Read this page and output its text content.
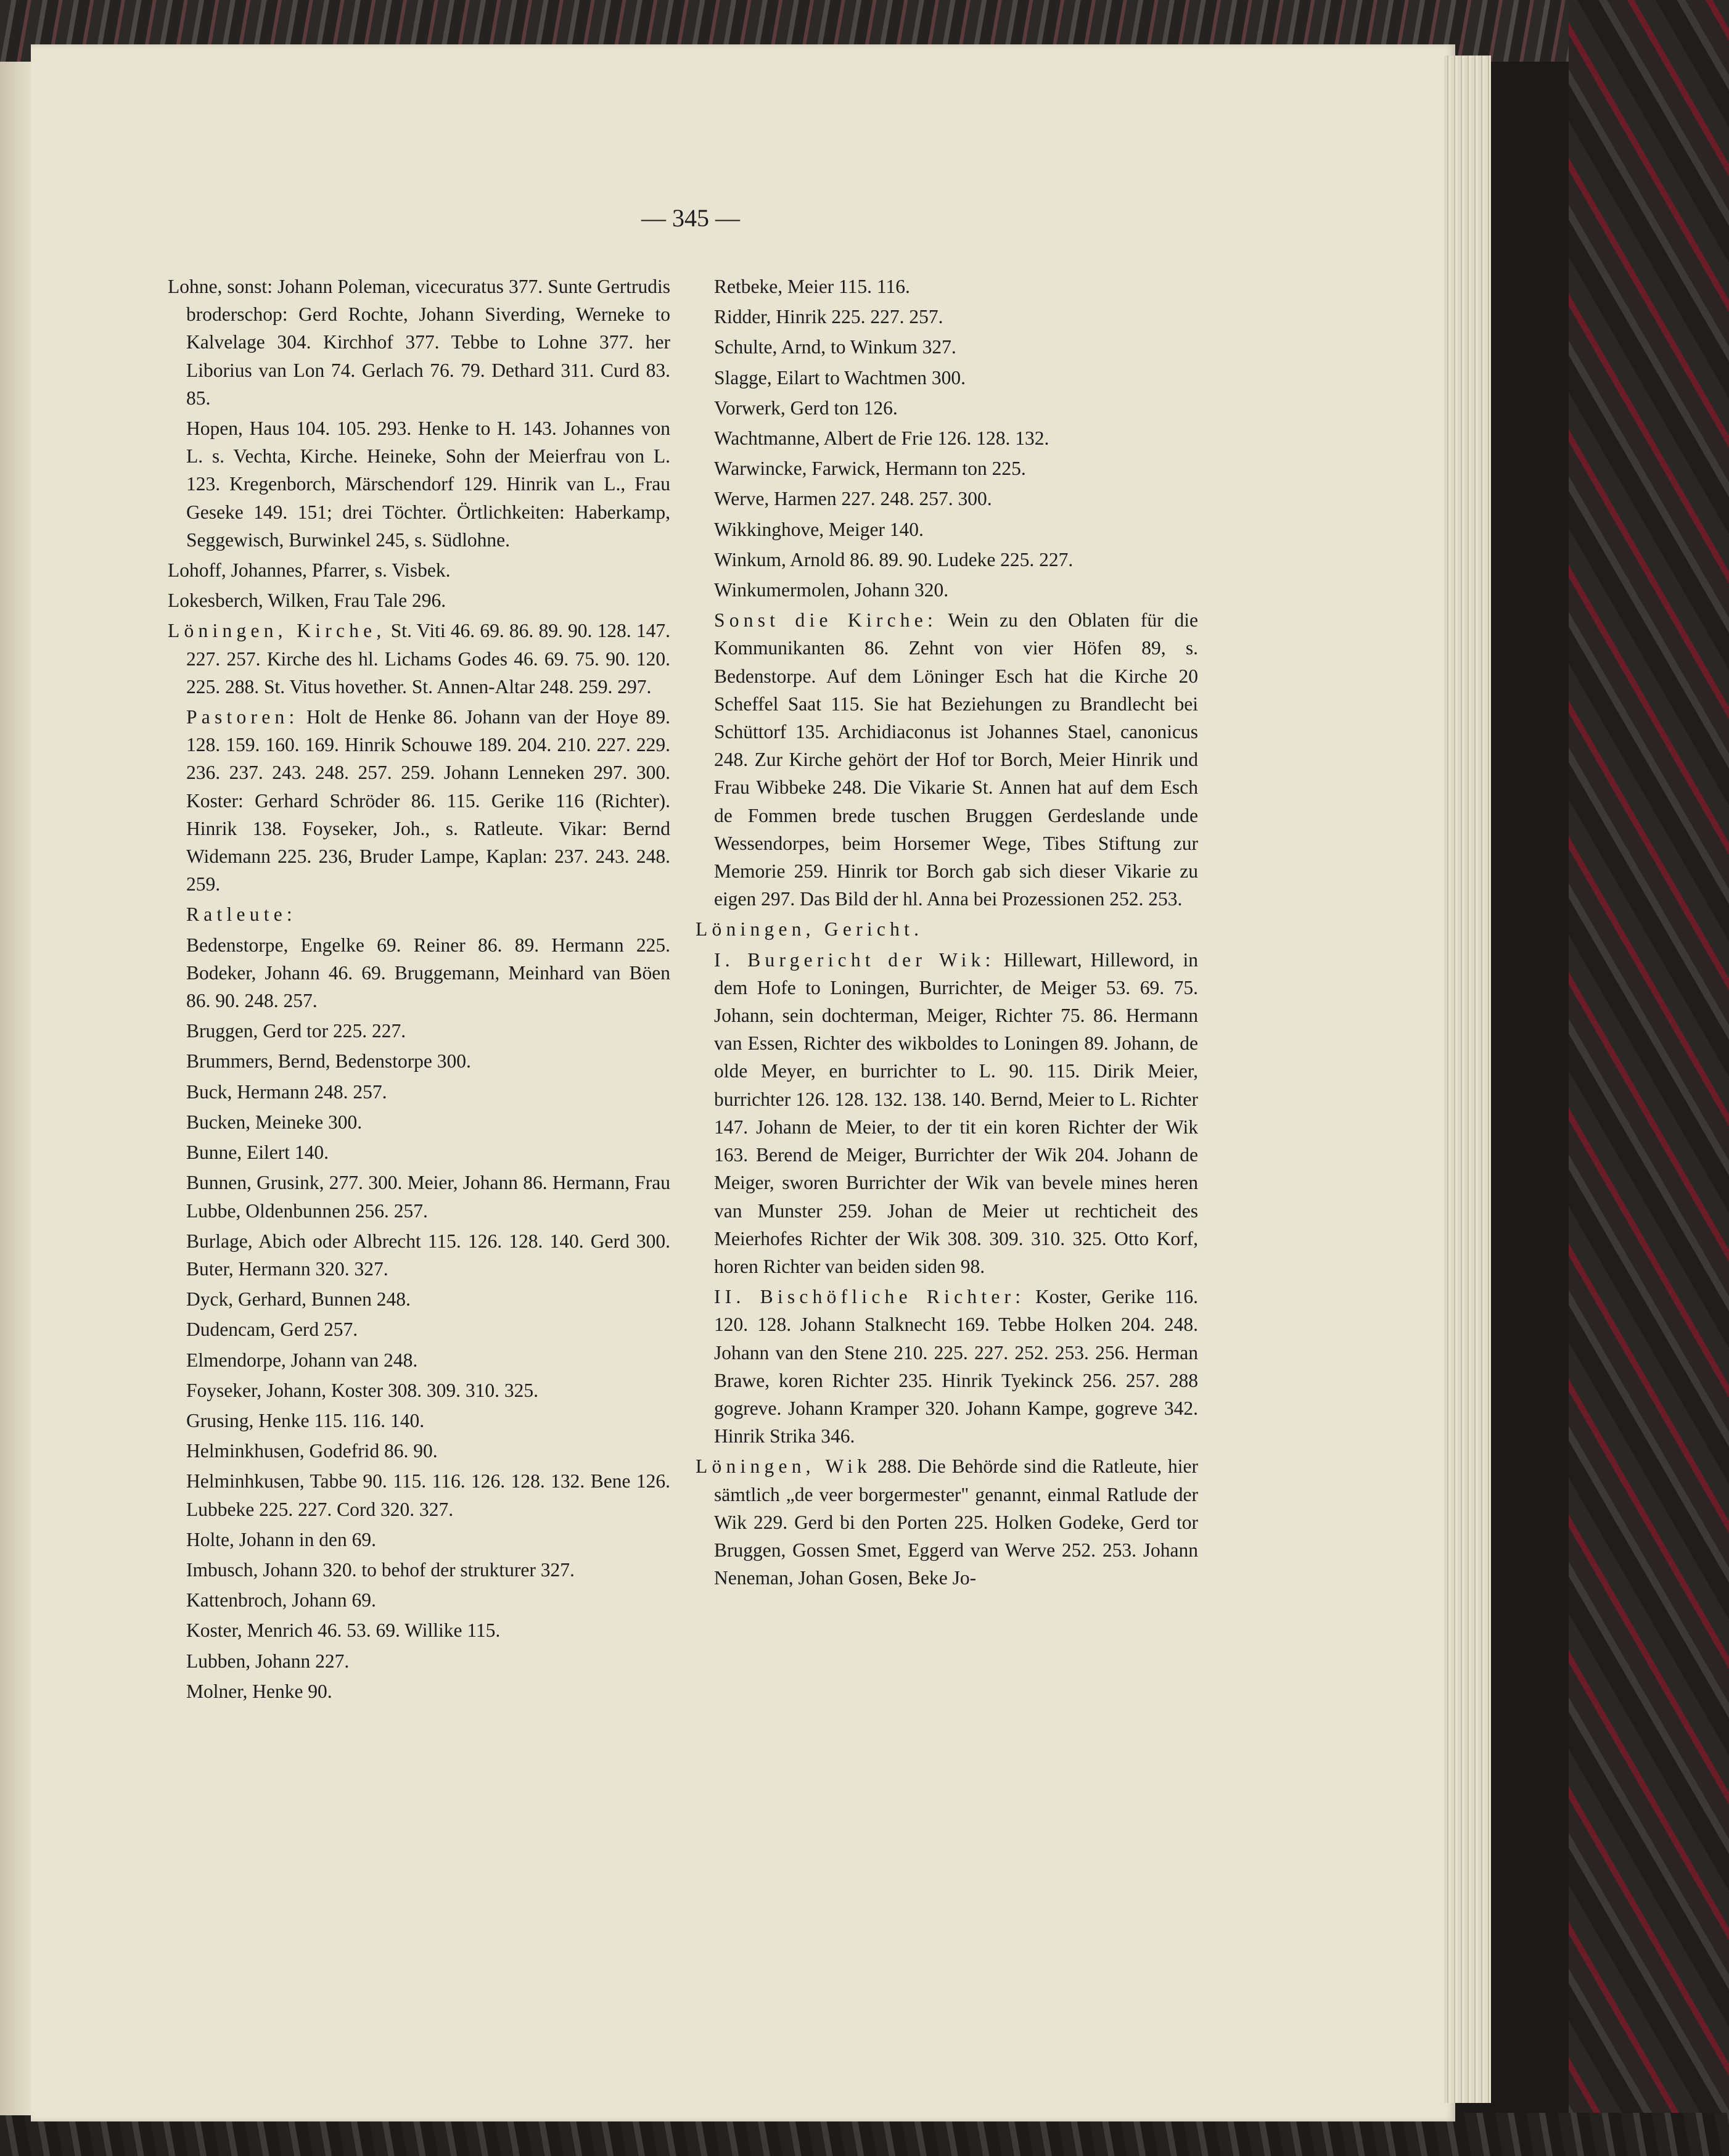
— 345 —

Lohne, sonst: Johann Poleman, vicecuratus 377. Sunte Gertrudis broderschop: Gerd Rochte, Johann Siverding, Werneke to Kalvelage 304. Kirchhof 377. Tebbe to Lohne 377. her Liborius van Lon 74. Gerlach 76. 79. Dethard 311. Curd 83. 85.

Hopen, Haus 104. 105. 293. Henke to H. 143. Johannes von L. s. Vechta, Kirche. Heineke, Sohn der Meierfrau von L. 123. Kregenborch, Märschendorf 129. Hinrik van L., Frau Geseke 149. 151; drei Töchter. Örtlichkeiten: Haberkamp, Seggewisch, Burwinkel 245, s. Südlohne.

Lohoff, Johannes, Pfarrer, s. Visbek.

Lokesberch, Wilken, Frau Tale 296.

Löningen, Kirche, St. Viti 46. 69. 86. 89. 90. 128. 147. 227. 257. Kirche des hl. Lichams Godes 46. 69. 75. 90. 120. 225. 288. St. Vitus hovether. St. Annen-Altar 248. 259. 297.

Pastoren: Holt de Henke 86. Johann van der Hoye 89. 128. 159. 160. 169. Hinrik Schouwe 189. 204. 210. 227. 229. 236. 237. 243. 248. 257. 259. Johann Lenneken 297. 300. Koster: Gerhard Schröder 86. 115. Gerike 116 (Richter). Hinrik 138. Foyseker, Joh., s. Ratleute. Vikar: Bernd Widemann 225. 236, Bruder Lampe, Kaplan: 237. 243. 248. 259.

Ratleute:

Bedenstorpe, Engelke 69. Reiner 86. 89. Hermann 225. Bodeker, Johann 46. 69. Bruggemann, Meinhard van Böen 86. 90. 248. 257.

Bruggen, Gerd tor 225. 227.

Brummers, Bernd, Bedenstorpe 300.

Buck, Hermann 248. 257.

Bucken, Meineke 300.

Bunne, Eilert 140.

Bunnen, Grusink, 277. 300. Meier, Johann 86. Hermann, Frau Lubbe, Oldenbunnen 256. 257.

Burlage, Abich oder Albrecht 115. 126. 128. 140. Gerd 300. Buter, Hermann 320. 327.

Dyck, Gerhard, Bunnen 248.

Dudencam, Gerd 257.

Elmendorpe, Johann van 248.

Foyseker, Johann, Koster 308. 309. 310. 325.

Grusing, Henke 115. 116. 140.

Helminkhusen, Godefrid 86. 90.

Helminhkusen, Tabbe 90. 115. 116. 126. 128. 132. Bene 126. Lubbeke 225. 227. Cord 320. 327.

Holte, Johann in den 69.

Imbusch, Johann 320. to behof der strukturer 327.

Kattenbroch, Johann 69.

Koster, Menrich 46. 53. 69. Willike 115.

Lubben, Johann 227.

Molner, Henke 90.

Retbeke, Meier 115. 116.

Ridder, Hinrik 225. 227. 257.

Schulte, Arnd, to Winkum 327.

Slagge, Eilart to Wachtmen 300.

Vorwerk, Gerd ton 126.

Wachtmanne, Albert de Frie 126. 128. 132.

Warwincke, Farwick, Hermann ton 225.

Werve, Harmen 227. 248. 257. 300.

Wikkinghove, Meiger 140.

Winkum, Arnold 86. 89. 90. Ludeke 225. 227.

Winkumermolen, Johann 320.

Sonst die Kirche: Wein zu den Oblaten für die Kommunikanten 86. Zehnt von vier Höfen 89, s. Bedenstorpe. Auf dem Löninger Esch hat die Kirche 20 Scheffel Saat 115. Sie hat Beziehungen zu Brandlecht bei Schüttorf 135. Archidiaconus ist Johannes Stael, canonicus 248. Zur Kirche gehört der Hof tor Borch, Meier Hinrik und Frau Wibbeke 248. Die Vikarie St. Annen hat auf dem Esch de Fommen brede tuschen Bruggen Gerdeslande unde Wessendorpes, beim Horsemer Wege, Tibes Stiftung zur Memorie 259. Hinrik tor Borch gab sich dieser Vikarie zu eigen 297. Das Bild der hl. Anna bei Prozessionen 252. 253.

Löningen, Gericht.

I. Burgericht der Wik: Hillewart, Hilleword, in dem Hofe to Loningen, Burrichter, de Meiger 53. 69. 75. Johann, sein dochterman, Meiger, Richter 75. 86. Hermann van Essen, Richter des wikboldes to Loningen 89. Johann, de olde Meyer, en burrichter to L. 90. 115. Dirik Meier, burrichter 126. 128. 132. 138. 140. Bernd, Meier to L. Richter 147. Johann de Meier, to der tit ein koren Richter der Wik 163. Berend de Meiger, Burrichter der Wik 204. Johann de Meiger, sworen Burrichter der Wik van bevele mines heren van Munster 259. Johan de Meier ut rechticheit des Meierhofes Richter der Wik 308. 309. 310. 325. Otto Korf, horen Richter van beiden siden 98.

II. Bischöfliche Richter: Koster, Gerike 116. 120. 128. Johann Stalknecht 169. Tebbe Holken 204. 248. Johann van den Stene 210. 225. 227. 252. 253. 256. Herman Brawe, koren Richter 235. Hinrik Tyekinck 256. 257. 288 gogreve. Johann Kramper 320. Johann Kampe, gogreve 342. Hinrik Strika 346.

Löningen, Wik 288. Die Behörde sind die Ratleute, hier sämtlich „de veer borgermester" genannt, einmal Ratlude der Wik 229. Gerd bi den Porten 225. Holken Godeke, Gerd tor Bruggen, Gossen Smet, Eggerd van Werve 252. 253. Johann Neneman, Johan Gosen, Beke Jo-
